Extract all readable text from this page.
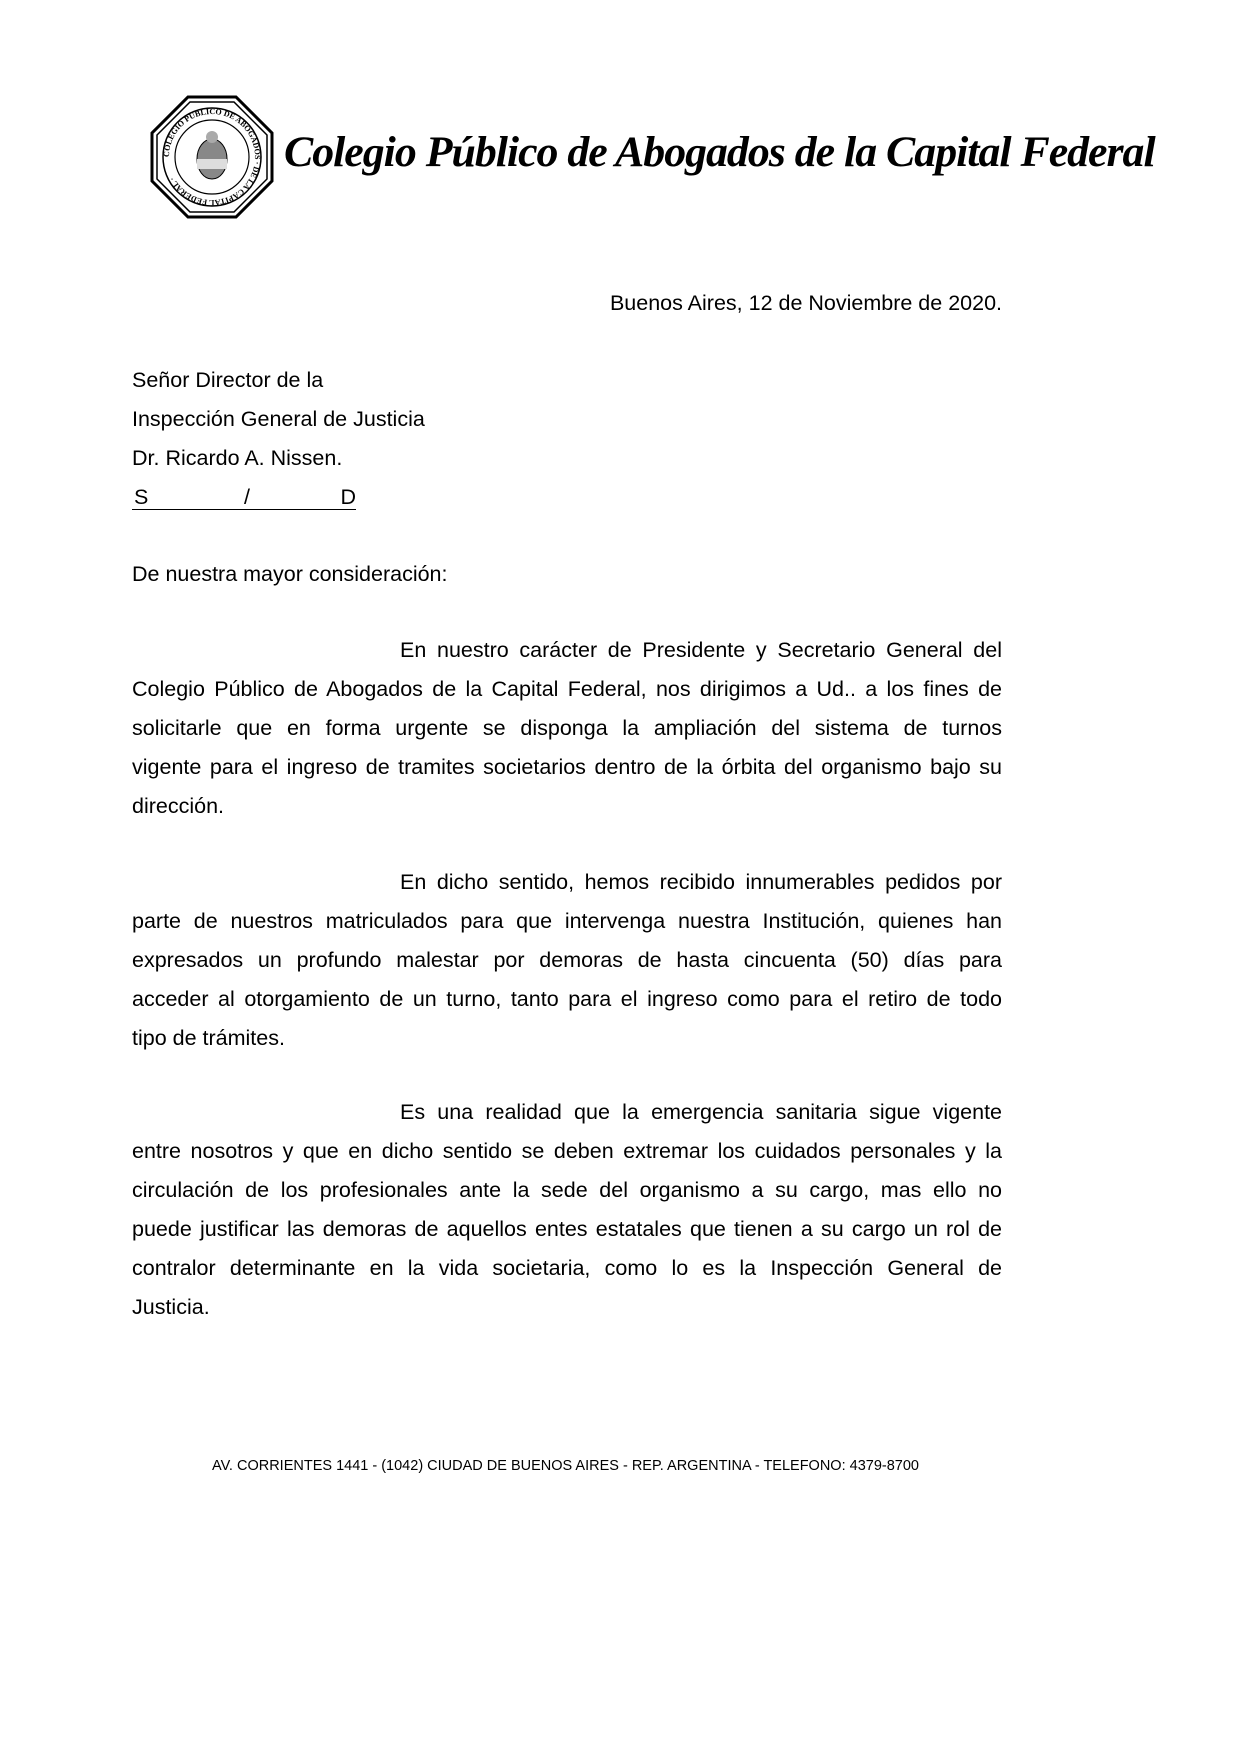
COLEGIO PUBLICO DE ABOGADOS · DE LA CAPITAL FEDERAL ·
Colegio Público de Abogados de la Capital Federal
Buenos Aires, 12 de Noviembre de 2020.
Señor Director de la
Inspección General de Justicia
Dr. Ricardo A. Nissen.
S	/	D
De nuestra mayor consideración:
En nuestro carácter de Presidente y Secretario General del
Colegio Público de Abogados de la Capital Federal, nos dirigimos a Ud.. a los fines de
solicitarle que en forma urgente se disponga la ampliación del sistema de turnos
vigente para el ingreso de tramites societarios dentro de la órbita del organismo bajo su
dirección.
En dicho sentido, hemos recibido innumerables pedidos por
parte de nuestros matriculados para que intervenga nuestra Institución, quienes han
expresados un profundo malestar por demoras de hasta cincuenta (50) días para
acceder al otorgamiento de un turno, tanto para el ingreso como para el retiro de todo
tipo de trámites.
Es una realidad que la emergencia sanitaria sigue vigente
entre nosotros y que en dicho sentido se deben extremar los cuidados personales y la
circulación de los profesionales ante la sede del organismo a su cargo, mas ello no
puede justificar las demoras de aquellos entes estatales que tienen a su cargo un rol de
contralor determinante en la vida societaria, como lo es la Inspección General de
Justicia.
AV. CORRIENTES 1441 - (1042) CIUDAD DE BUENOS AIRES - REP. ARGENTINA - TELEFONO: 4379-8700
